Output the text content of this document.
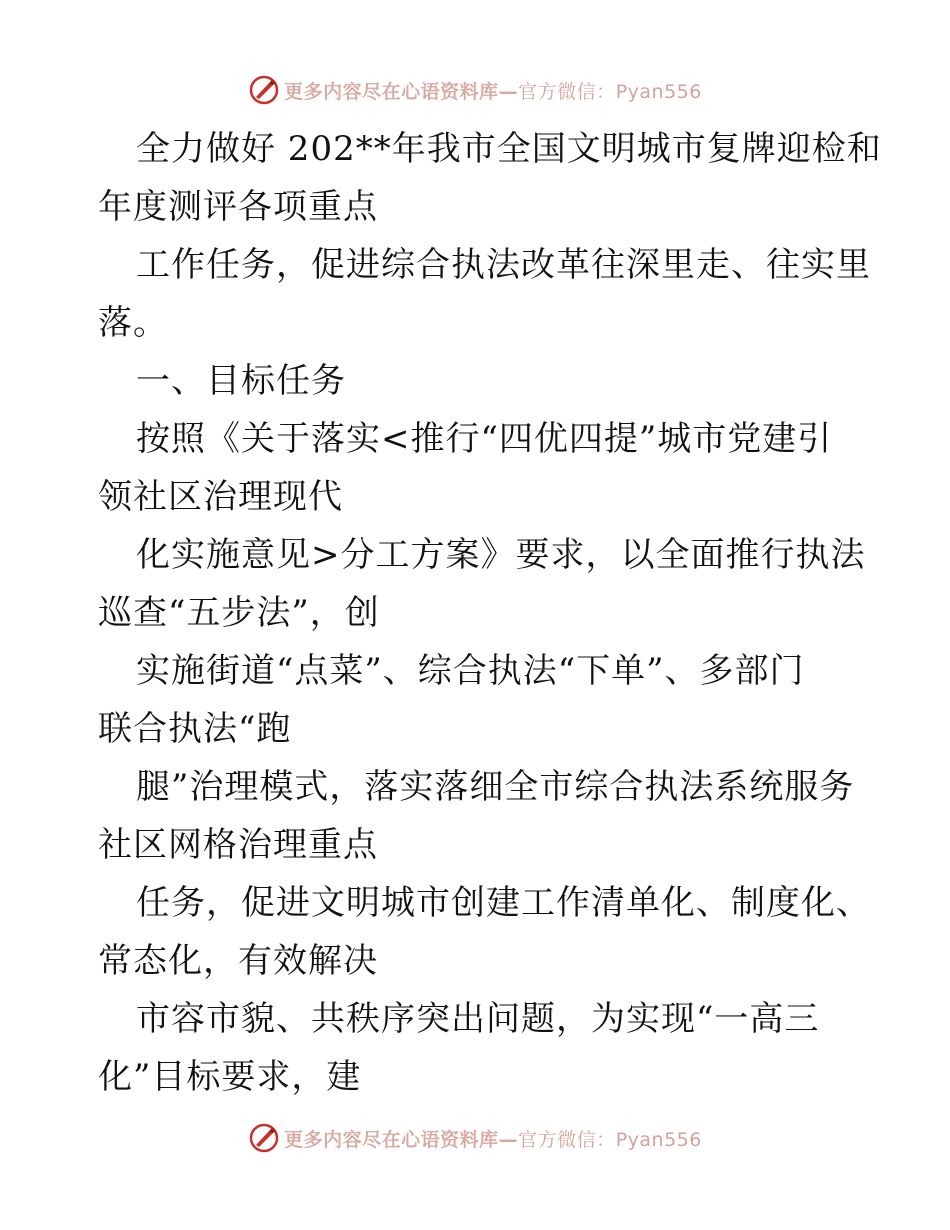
更多内容尽在心语资料库—官方微信：Pyan556
全力做好 202**年我市全国文明城市复牌迎检和
年度测评各项重点
工作任务，促进综合执法改革往深里走、往实里
落。
一、目标任务
按照《关于落实<推行“四优四提”城市党建引
领社区治理现代
化实施意见>分工方案》要求，以全面推行执法
巡查“五步法”，创
实施街道“点菜”、综合执法“下单”、多部门
联合执法“跑
腿”治理模式，落实落细全市综合执法系统服务
社区网格治理重点
任务，促进文明城市创建工作清单化、制度化、
常态化，有效解决
市容市貌、共秩序突出问题，为实现“一高三
化”目标要求，建
更多内容尽在心语资料库—官方微信：Pyan556
